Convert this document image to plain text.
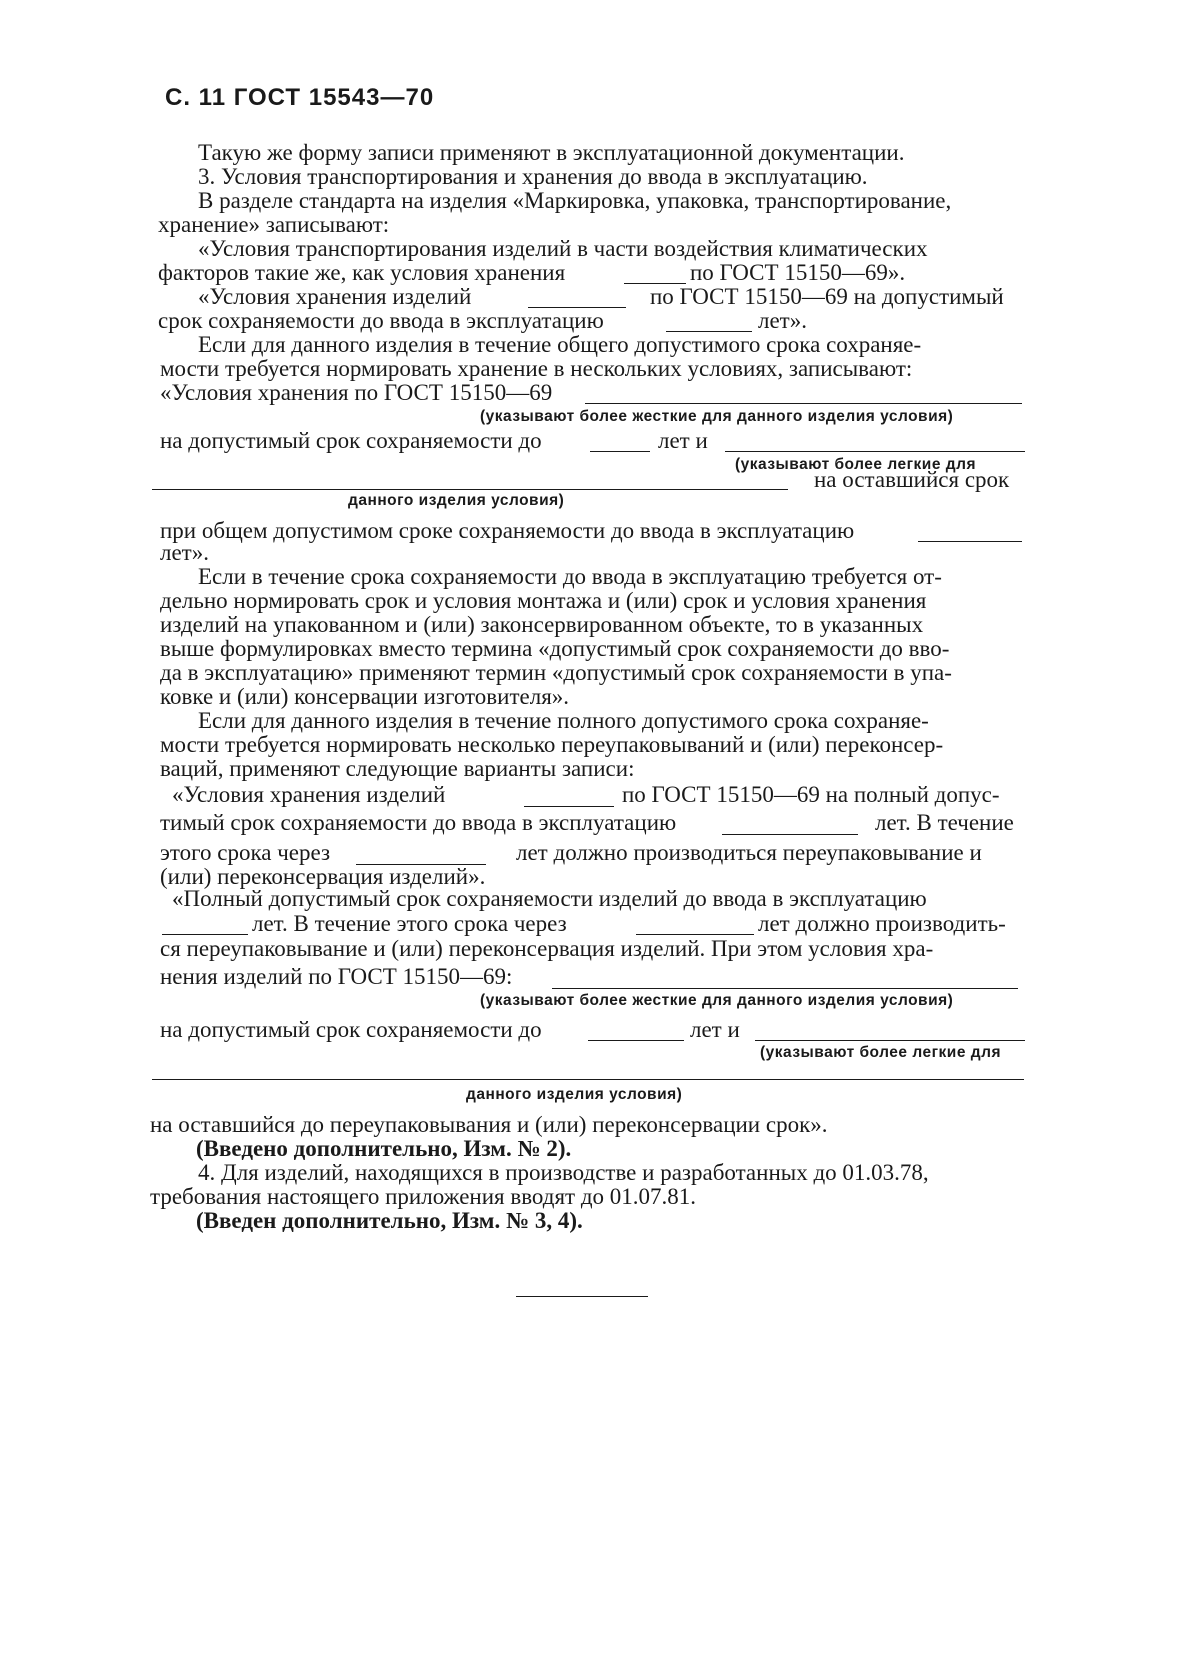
С. 11 ГОСТ 15543—70
Такую же форму записи применяют в эксплуатационной документации.
3. Условия транспортирования и хранения до ввода в эксплуатацию.
В разделе стандарта на изделия «Маркировка, упаковка, транспортирование,
хранение» записывают:
«Условия транспортирования изделий в части воздействия климатических
факторов такие же, как условия хранения	по ГОСТ 15150—69».
«Условия хранения изделий	по ГОСТ 15150—69 на допустимый
срок сохраняемости до ввода в эксплуатацию	лет».
Если для данного изделия в течение общего допустимого срока сохраняе-
мости требуется нормировать хранение в нескольких условиях, записывают:
«Условия хранения по ГОСТ 15150—69
(указывают более жесткие для данного изделия условия)
на допустимый срок сохраняемости до	лет и
(указывают более легкие для
на оставшийся срок
данного изделия условия)
при общем допустимом сроке сохраняемости до ввода в эксплуатацию
лет».
Если в течение срока сохраняемости до ввода в эксплуатацию требуется от-
дельно нормировать срок и условия монтажа и (или) срок и условия хранения
изделий на упакованном и (или) законсервированном объекте, то в указанных
выше формулировках вместо термина «допустимый срок сохраняемости до вво-
да в эксплуатацию» применяют термин «допустимый срок сохраняемости в упа-
ковке и (или) консервации изготовителя».
Если для данного изделия в течение полного допустимого срока сохраняе-
мости требуется нормировать несколько переупаковываний и (или) переконсер-
ваций, применяют следующие варианты записи:
«Условия хранения изделий	по ГОСТ 15150—69 на полный допус-
тимый срок сохраняемости до ввода в эксплуатацию	лет. В течение
этого срока через	лет должно производиться переупаковывание и
(или) переконсервация изделий».
«Полный допустимый срок сохраняемости изделий до ввода в эксплуатацию
лет. В течение этого срока через	лет должно производить-
ся переупаковывание и (или) переконсервация изделий. При этом условия хра-
нения изделий по ГОСТ 15150—69:
(указывают более жесткие для данного изделия условия)
на допустимый срок сохраняемости до	лет и
(указывают более легкие для
данного изделия условия)
на оставшийся до переупаковывания и (или) переконсервации срок».
(Введено дополнительно, Изм. № 2).
4. Для изделий, находящихся в производстве и разработанных до 01.03.78,
требования настоящего приложения вводят до 01.07.81.
(Введен дополнительно, Изм. № 3, 4).
